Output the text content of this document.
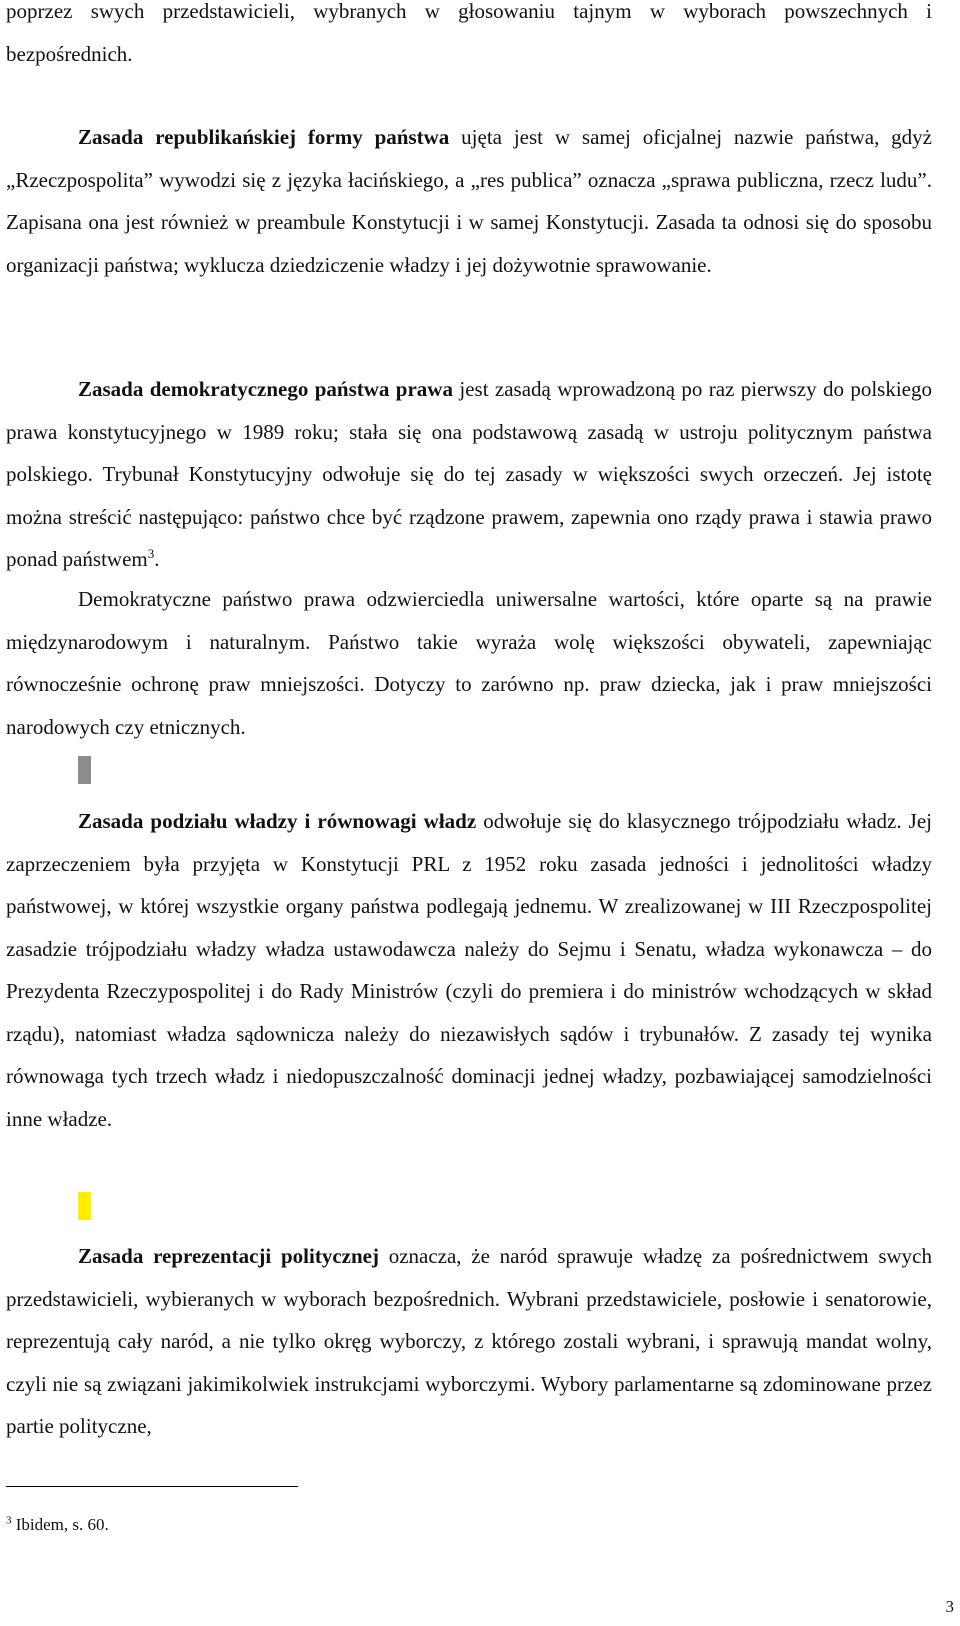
poprzez swych przedstawicieli, wybranych w głosowaniu tajnym w wyborach powszechnych i bezpośrednich.

Zasada republikańskiej formy państwa ujęta jest w samej oficjalnej nazwie państwa, gdyż „Rzeczpospolita” wywodzi się z języka łacińskiego, a „res publica” oznacza „sprawa publiczna, rzecz ludu”. Zapisana ona jest również w preambule Konstytucji i w samej Konstytucji. Zasada ta odnosi się do sposobu organizacji państwa; wyklucza dziedziczenie władzy i jej dożywotnie sprawowanie.

Zasada demokratycznego państwa prawa jest zasadą wprowadzoną po raz pierwszy do polskiego prawa konstytucyjnego w 1989 roku; stała się ona podstawową zasadą w ustroju politycznym państwa polskiego. Trybunał Konstytucyjny odwołuje się do tej zasady w większości swych orzeczeń. Jej istotę można streścić następująco: państwo chce być rządzone prawem, zapewnia ono rządy prawa i stawia prawo ponad państwem$^3$.

Demokratyczne państwo prawa odzwierciedla uniwersalne wartości, które oparte są na prawie międzynarodowym i naturalnym. Państwo takie wyraża wolę większości obywateli, zapewniając równocześnie ochronę praw mniejszości. Dotyczy to zarówno np. praw dziecka, jak i praw mniejszości narodowych czy etnicznych.

Zasada podziału władzy i równowagi władz odwołuje się do klasycznego trójpodziału władz. Jej zaprzeczeniem była przyjęta w Konstytucji PRL z 1952 roku zasada jedności i jednolitości władzy państwowej, w której wszystkie organy państwa podlegają jednemu. W zrealizowanej w III Rzeczpospolitej zasadzie trójpodziału władzy władza ustawodawcza należy do Sejmu i Senatu, władza wykonawcza – do Prezydenta Rzeczypospolitej i do Rady Ministrów (czyli do premiera i do ministrów wchodzących w skład rządu), natomiast władza sądownicza należy do niezawisłych sądów i trybunałów. Z zasady tej wynika równowaga tych trzech władz i niedopuszczalność dominacji jednej władzy, pozbawiającej samodzielności inne władze.

Zasada reprezentacji politycznej oznacza, że naród sprawuje władzę za pośrednictwem swych przedstawicieli, wybieranych w wyborach bezpośrednich. Wybrani przedstawiciele, posłowie i senatorowie, reprezentują cały naród, a nie tylko okręg wyborczy, z którego zostali wybrani, i sprawują mandat wolny, czyli nie są związani jakimikolwiek instrukcjami wyborczymi. Wybory parlamentarne są zdominowane przez partie polityczne,

$^3$ Ibidem, s. 60.
3
